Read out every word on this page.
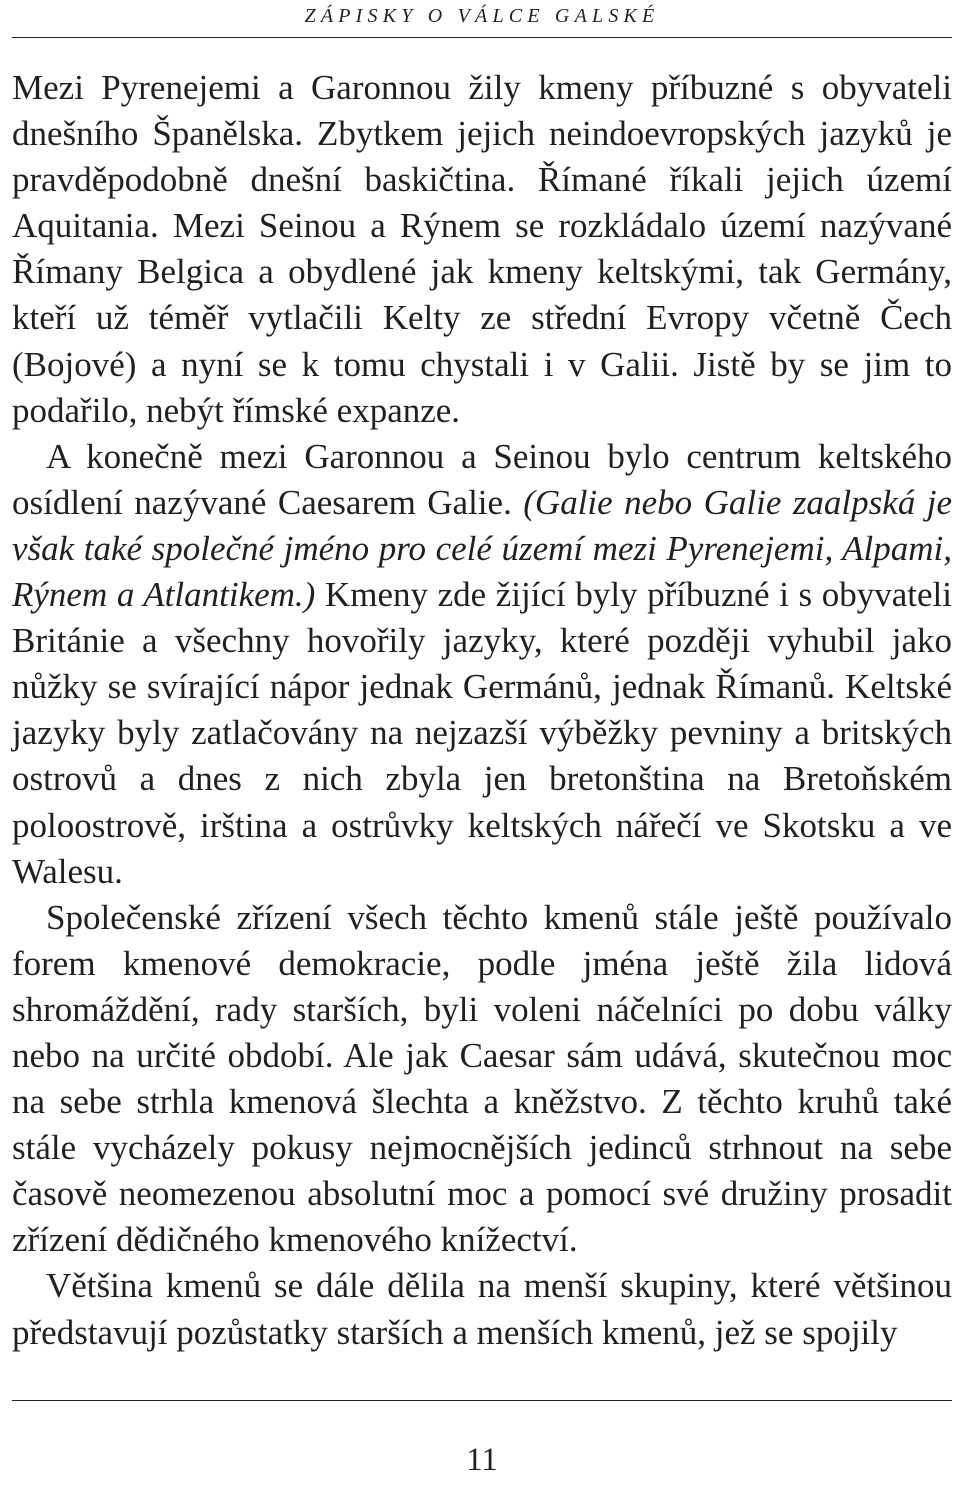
ZÁPISKY O VÁLCE GALSKÉ

Mezi Pyrenejemi a Garonnou žily kmeny příbuzné s obyvateli dnešního Španělska. Zbytkem jejich neindoevropských jazyků je pravděpodobně dnešní baskičtina. Římané říkali jejich území Aquitania. Mezi Seinou a Rýnem se rozkládalo území nazývané Římany Belgica a obydlené jak kmeny keltskými, tak Germány, kteří už téměř vytlačili Kelty ze střední Evropy včetně Čech (Bojové) a nyní se k tomu chystali i v Galii. Jistě by se jim to podařilo, nebýt římské expanze.

A konečně mezi Garonnou a Seinou bylo centrum keltského osídlení nazývané Caesarem Galie. (Galie nebo Galie zaalpská je však také společné jméno pro celé území mezi Pyrenejemi, Alpami, Rýnem a Atlantikem.) Kmeny zde žijící byly příbuzné i s obyvateli Británie a všechny hovořily jazyky, které později vyhubil jako nůžky se svírající nápor jednak Germánů, jednak Římanů. Keltské jazyky byly zatlačovány na nejzazší výběžky pevniny a britských ostrovů a dnes z nich zbyla jen bretonština na Bretoňském poloostrově, irština a ostrůvky keltských nářečí ve Skotsku a ve Walesu.

Společenské zřízení všech těchto kmenů stále ještě používalo forem kmenové demokracie, podle jména ještě žila lidová shromáždění, rady starších, byli voleni náčelníci po dobu války nebo na určité období. Ale jak Caesar sám udává, skutečnou moc na sebe strhla kmenová šlechta a kněžstvo. Z těchto kruhů také stále vycházely pokusy nejmocnějších jedinců strhnout na sebe časově neomezenou absolutní moc a pomocí své družiny prosadit zřízení dědičného kmenového knížectví.

Většina kmenů se dále dělila na menší skupiny, které většinou představují pozůstatky starších a menších kmenů, jež se spojily

11
